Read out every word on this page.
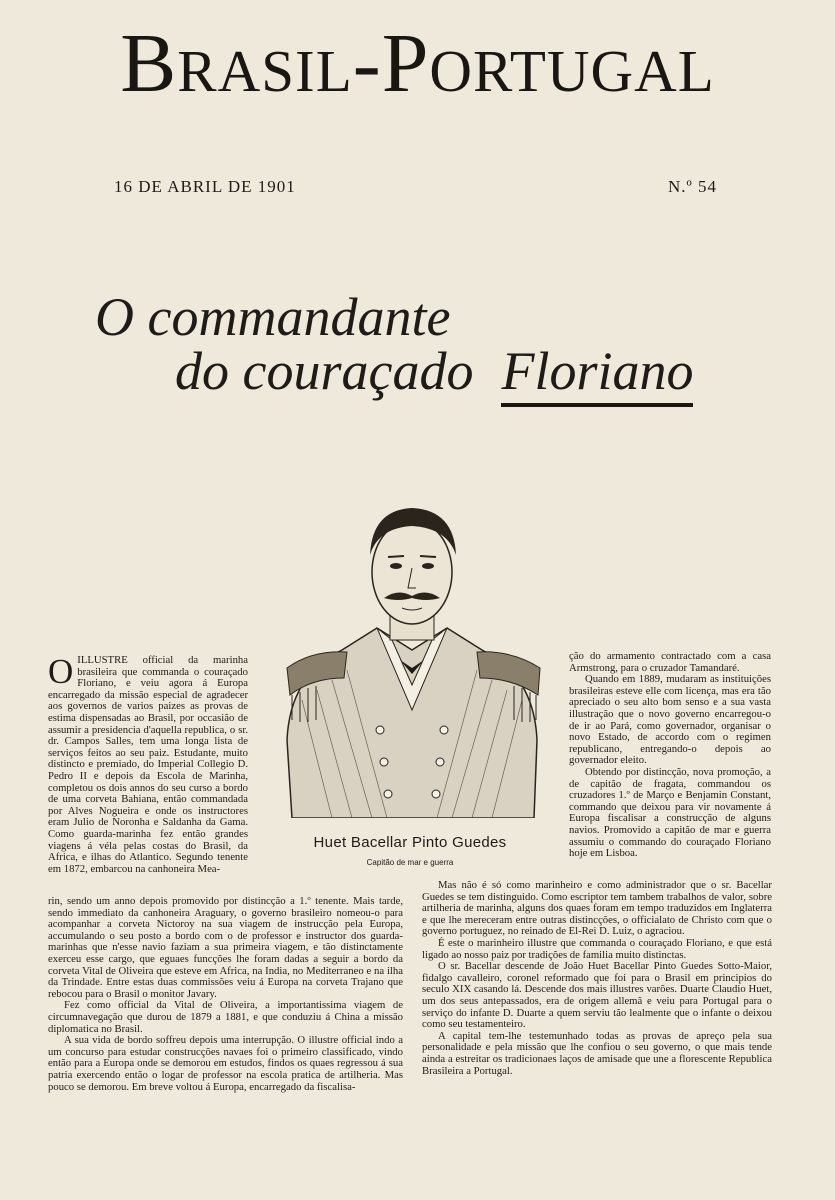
Brasil-Portugal
16 DE ABRIL DE 1901	N.º 54
O commandante
do couraçado Floriano
Huet Bacellar Pinto Guedes
Capitão de mar e guerra
O ILLUSTRE official da marinha brasileira que commanda o couraçado Floriano, e veiu agora á Europa encarregado da missão especial de agradecer aos governos de varios paizes as provas de estima dispensadas ao Brasil, por occasião de assumir a presidencia d'aquella republica, o sr. dr. Campos Salles, tem uma longa lista de serviços feitos ao seu paiz. Estudante, muito distincto e premiado, do Imperial Collegio D. Pedro II e depois da Escola de Marinha, completou os dois annos do seu curso a bordo de uma corveta Bahiana, então commandada por Alves Nogueira e onde os instructores eram Julio de Noronha e Saldanha da Gama. Como guarda-marinha fez então grandes viagens á véla pelas costas do Brasil, da Africa, e ilhas do Atlantico. Segundo tenente em 1872, embarcou na canhoneira Mea-

rin, sendo um anno depois promovido por distincção a 1.º tenente. Mais tarde, sendo immediato da canhoneira Araguary, o governo brasileiro nomeou-o para acompanhar a corveta Nictoroy na sua viagem de instrucção pela Europa, accumulando o seu posto a bordo com o de professor e instructor dos guarda-marinhas que n'esse navio faziam a sua primeira viagem, e tão distinctamente exerceu esse cargo, que eguaes funcções lhe foram dadas a seguir a bordo da corveta Vital de Oliveira que esteve em Africa, na India, no Mediterraneo e na ilha da Trindade. Entre estas duas commissões veiu á Europa na corveta Trajano que rebocou para o Brasil o monitor Javary.

Fez como official da Vital de Oliveira, a importantissima viagem de circumnavegação que durou de 1879 a 1881, e que conduziu á China a missão diplomatica no Brasil.

A sua vida de bordo soffreu depois uma interrupção. O illustre official indo a um concurso para estudar construcções navaes foi o primeiro classificado, vindo então para a Europa onde se demorou em estudos, findos os quaes regressou á sua patria exercendo então o logar de professor na escola pratica de artilheria. Mas pouco se demorou. Em breve voltou á Europa, encarregado da fiscalisa-

ção do armamento contractado com a casa Armstrong, para o cruzador Tamandaré.

Quando em 1889, mudaram as instituições brasileiras esteve elle com licença, mas era tão apreciado o seu alto bom senso e a sua vasta illustração que o novo governo encarregou-o de ir ao Pará, como governador, organisar o novo Estado, de accordo com o regimen republicano, entregando-o depois ao governador eleito.

Obtendo por distincção, nova promoção, a de capitão de fragata, commandou os cruzadores 1.º de Março e Benjamin Constant, commando que deixou para vir novamente á Europa fiscalisar a construcção de alguns navios. Promovido a capitão de mar e guerra assumiu o commando do couraçado Floriano hoje em Lisboa.

Mas não é só como marinheiro e como administrador que o sr. Bacellar Guedes se tem distinguido. Como escriptor tem tambem trabalhos de valor, sobre artilheria de marinha, alguns dos quaes foram em tempo traduzidos em Inglaterra e que lhe mereceram entre outras distincções, o officialato de Christo com que o governo portuguez, no reinado de El-Rei D. Luiz, o agraciou.

É este o marinheiro illustre que commanda o couraçado Floriano, e que está ligado ao nosso paiz por tradições de familia muito distinctas.

O sr. Bacellar descende de João Huet Bacellar Pinto Guedes Sotto-Maior, fidalgo cavalleiro, coronel reformado que foi para o Brasil em principios do seculo XIX casando lá. Descende dos mais illustres varões. Duarte Claudio Huet, um dos seus antepassados, era de origem allemã e veiu para Portugal para o serviço do infante D. Duarte a quem serviu tão lealmente que o infante o deixou como seu testamenteiro.

A capital tem-lhe testemunhado todas as provas de apreço pela sua personalidade e pela missão que lhe confiou o seu governo, o que mais tende ainda a estreitar os tradicionaes laços de amisade que une a florescente Republica Brasileira a Portugal.
